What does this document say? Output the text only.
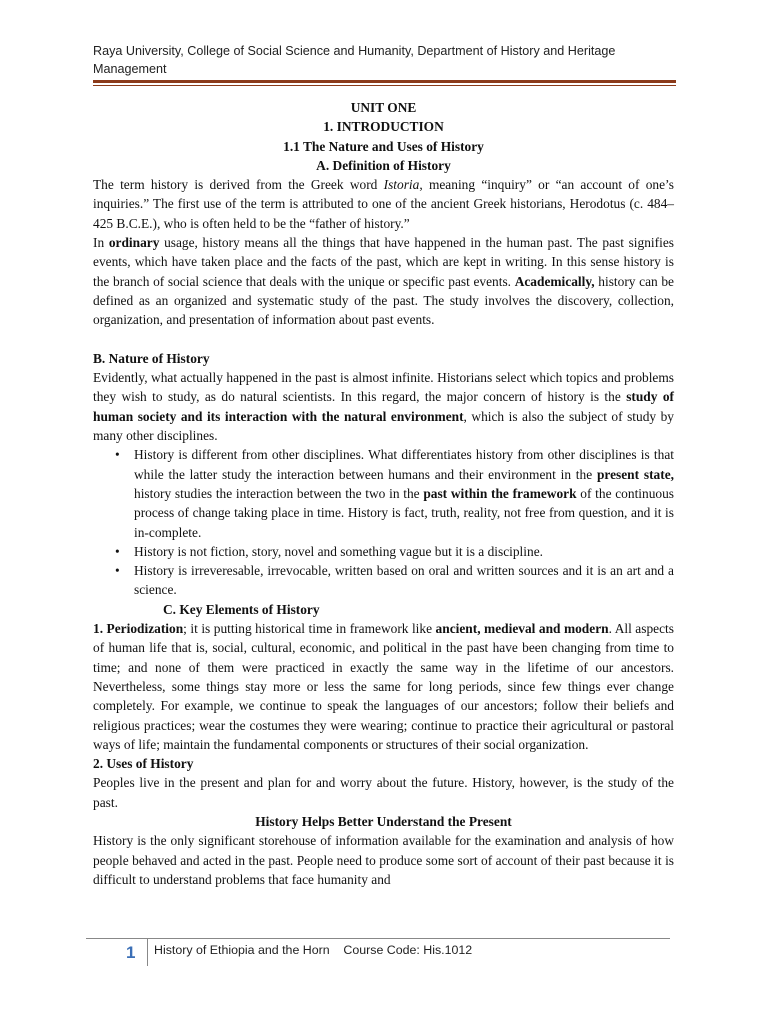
Raya University, College of Social Science and Humanity, Department of History and Heritage Management

UNIT ONE

1. INTRODUCTION

1.1 The Nature and Uses of History

A. Definition of History

The term history is derived from the Greek word Istoria, meaning “inquiry” or “an account of one’s inquiries.” The first use of the term is attributed to one of the ancient Greek historians, Herodotus (c. 484–425 B.C.E.), who is often held to be the “father of history.”

In ordinary usage, history means all the things that have happened in the human past. The past signifies events, which have taken place and the facts of the past, which are kept in writing. In this sense history is the branch of social science that deals with the unique or specific past events. Academically, history can be defined as an organized and systematic study of the past. The study involves the discovery, collection, organization, and presentation of information about past events.

B. Nature of History

Evidently, what actually happened in the past is almost infinite. Historians select which topics and problems they wish to study, as do natural scientists. In this regard, the major concern of history is the study of human society and its interaction with the natural environment, which is also the subject of study by many other disciplines.

• History is different from other disciplines. What differentiates history from other disciplines is that while the latter study the interaction between humans and their environment in the present state, history studies the interaction between the two in the past within the framework of the continuous process of change taking place in time. History is fact, truth, reality, not free from question, and it is in-complete.
• History is not fiction, story, novel and something vague but it is a discipline.
• History is irreveresable, irrevocable, written based on oral and written sources and it is an art and a science.

C. Key Elements of History

1. Periodization; it is putting historical time in framework like ancient, medieval and modern. All aspects of human life that is, social, cultural, economic, and political in the past have been changing from time to time; and none of them were practiced in exactly the same way in the lifetime of our ancestors. Nevertheless, some things stay more or less the same for long periods, since few things ever change completely. For example, we continue to speak the languages of our ancestors; follow their beliefs and religious practices; wear the costumes they were wearing; continue to practice their agricultural or pastoral ways of life; maintain the fundamental components or structures of their social organization.

2. Uses of History

Peoples live in the present and plan for and worry about the future. History, however, is the study of the past.

History Helps Better Understand the Present

History is the only significant storehouse of information available for the examination and analysis of how people behaved and acted in the past. People need to produce some sort of account of their past because it is difficult to understand problems that face humanity and

1 History of Ethiopia and the Horn    Course Code: His.1012
